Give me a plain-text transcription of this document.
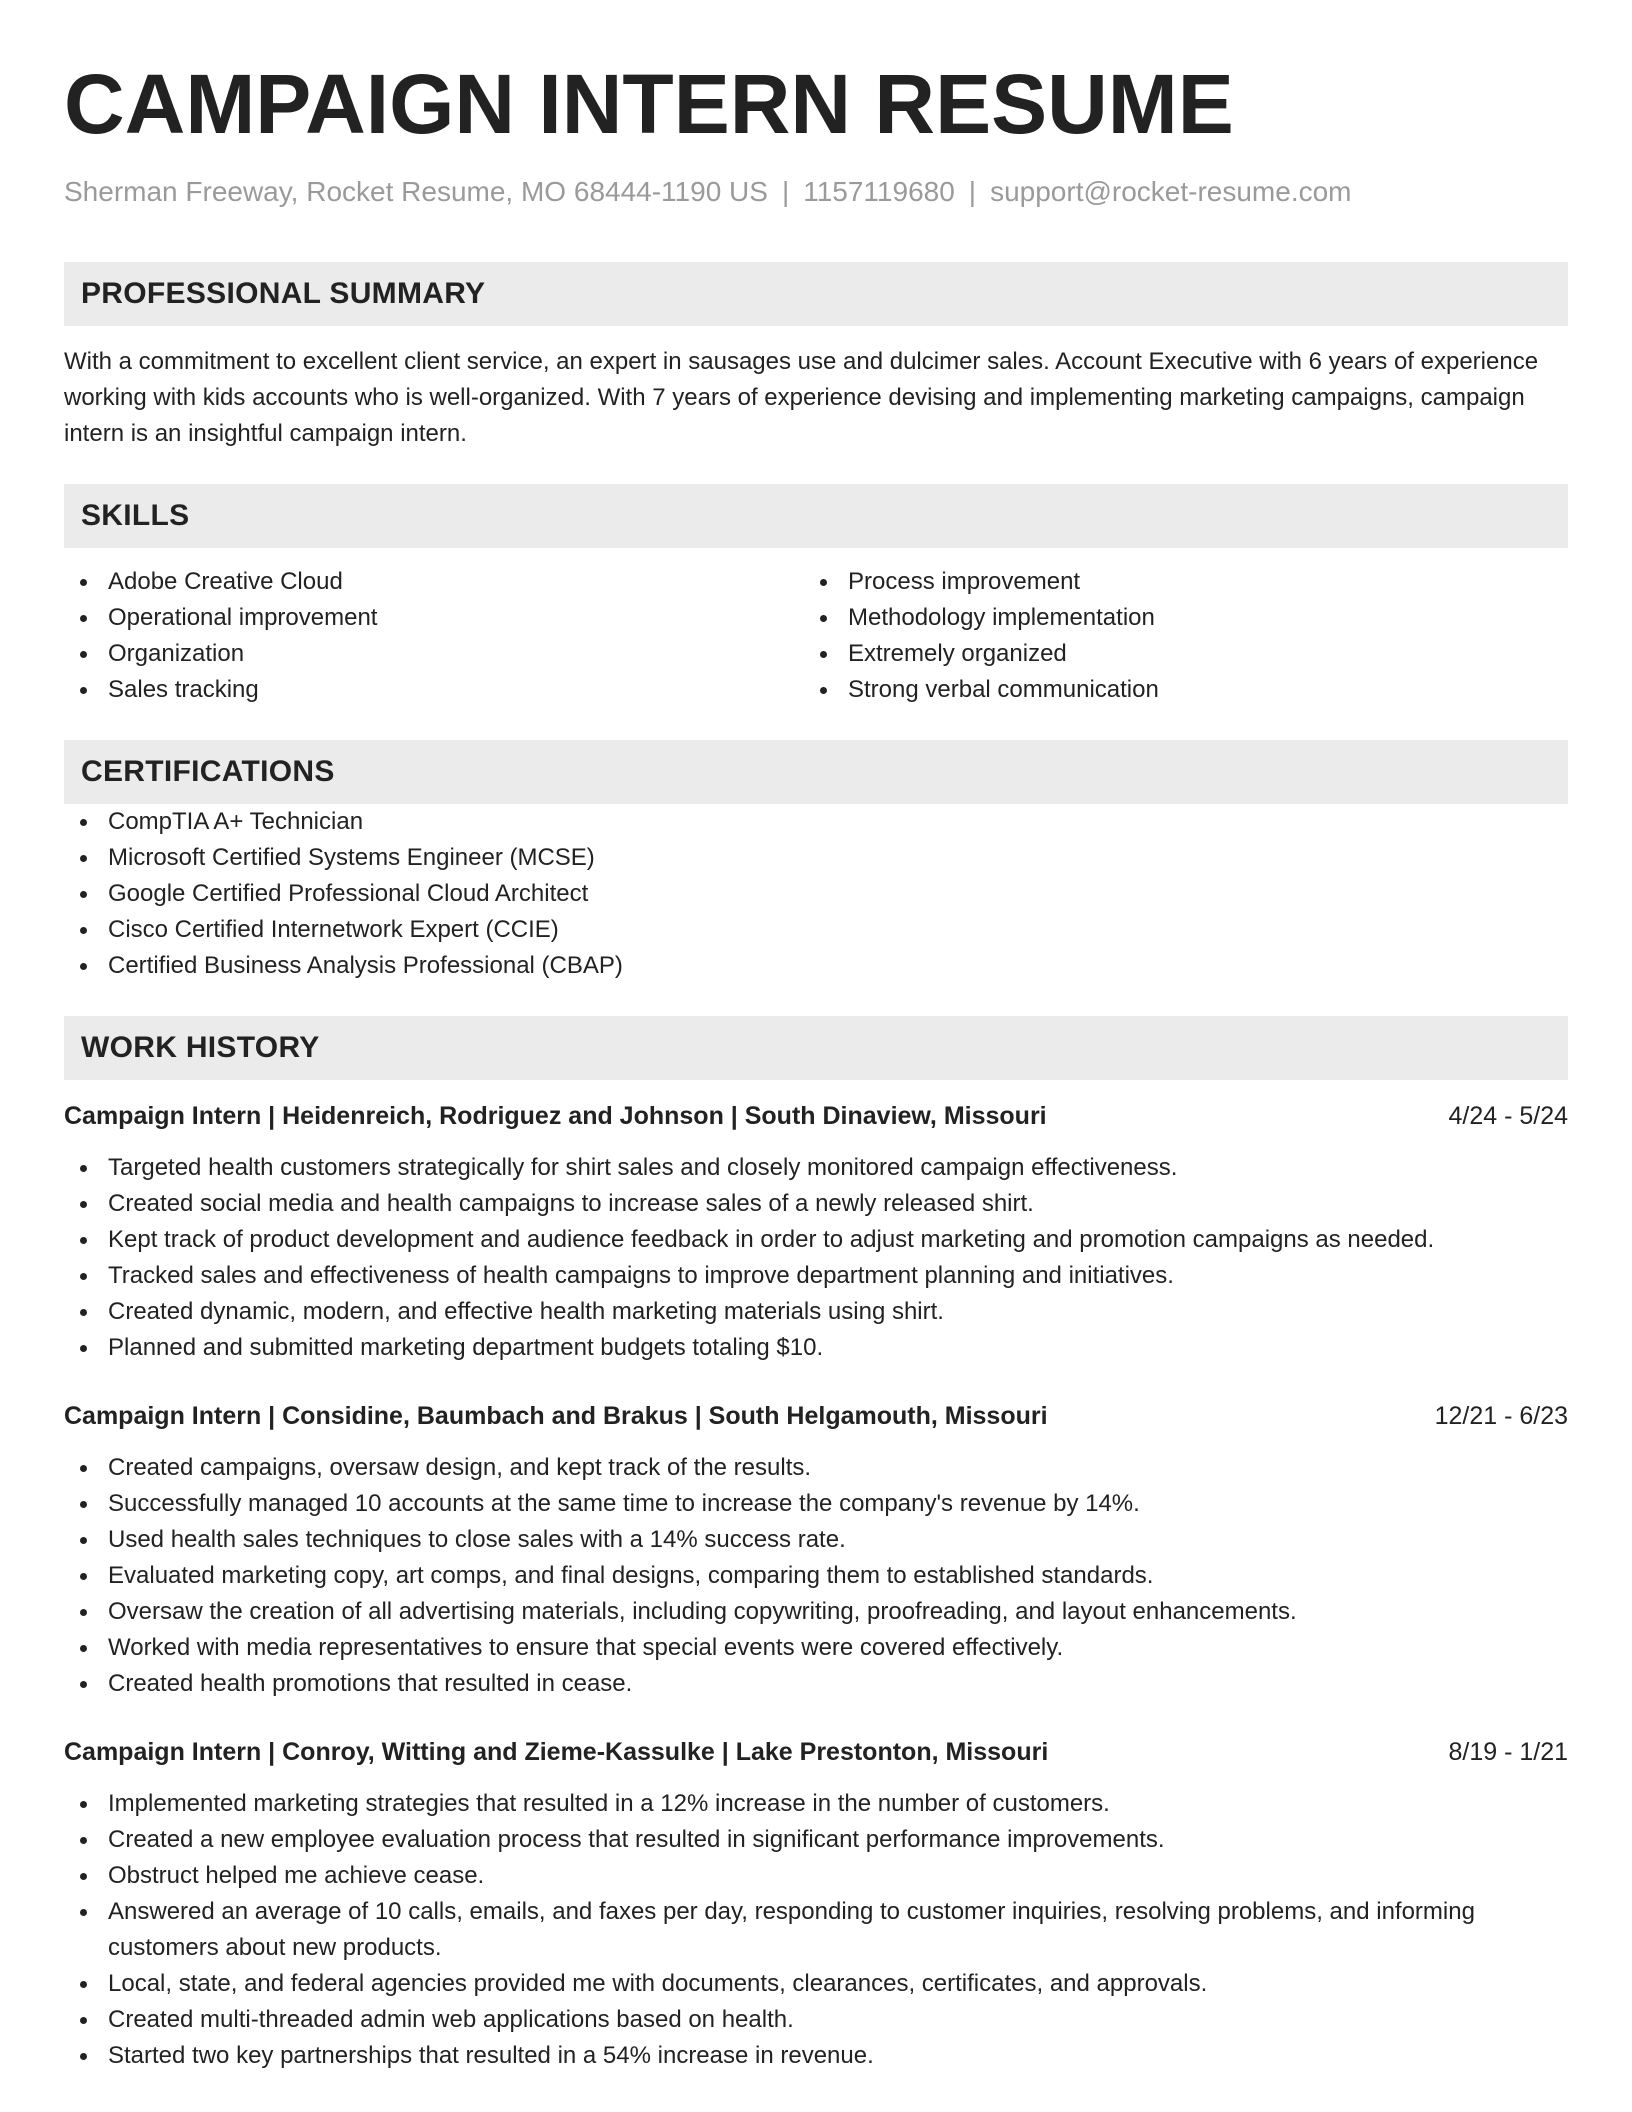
CAMPAIGN INTERN RESUME
Sherman Freeway, Rocket Resume, MO 68444-1190 US | 1157119680 | support@rocket-resume.com
PROFESSIONAL SUMMARY
With a commitment to excellent client service, an expert in sausages use and dulcimer sales. Account Executive with 6 years of experience working with kids accounts who is well-organized. With 7 years of experience devising and implementing marketing campaigns, campaign intern is an insightful campaign intern.
SKILLS
Adobe Creative Cloud
Operational improvement
Organization
Sales tracking
Process improvement
Methodology implementation
Extremely organized
Strong verbal communication
CERTIFICATIONS
CompTIA A+ Technician
Microsoft Certified Systems Engineer (MCSE)
Google Certified Professional Cloud Architect
Cisco Certified Internetwork Expert (CCIE)
Certified Business Analysis Professional (CBAP)
WORK HISTORY
Campaign Intern | Heidenreich, Rodriguez and Johnson | South Dinaview, Missouri	4/24 - 5/24
Targeted health customers strategically for shirt sales and closely monitored campaign effectiveness.
Created social media and health campaigns to increase sales of a newly released shirt.
Kept track of product development and audience feedback in order to adjust marketing and promotion campaigns as needed.
Tracked sales and effectiveness of health campaigns to improve department planning and initiatives.
Created dynamic, modern, and effective health marketing materials using shirt.
Planned and submitted marketing department budgets totaling $10.
Campaign Intern | Considine, Baumbach and Brakus | South Helgamouth, Missouri	12/21 - 6/23
Created campaigns, oversaw design, and kept track of the results.
Successfully managed 10 accounts at the same time to increase the company's revenue by 14%.
Used health sales techniques to close sales with a 14% success rate.
Evaluated marketing copy, art comps, and final designs, comparing them to established standards.
Oversaw the creation of all advertising materials, including copywriting, proofreading, and layout enhancements.
Worked with media representatives to ensure that special events were covered effectively.
Created health promotions that resulted in cease.
Campaign Intern | Conroy, Witting and Zieme-Kassulke | Lake Prestonton, Missouri	8/19 - 1/21
Implemented marketing strategies that resulted in a 12% increase in the number of customers.
Created a new employee evaluation process that resulted in significant performance improvements.
Obstruct helped me achieve cease.
Answered an average of 10 calls, emails, and faxes per day, responding to customer inquiries, resolving problems, and informing customers about new products.
Local, state, and federal agencies provided me with documents, clearances, certificates, and approvals.
Created multi-threaded admin web applications based on health.
Started two key partnerships that resulted in a 54% increase in revenue.
